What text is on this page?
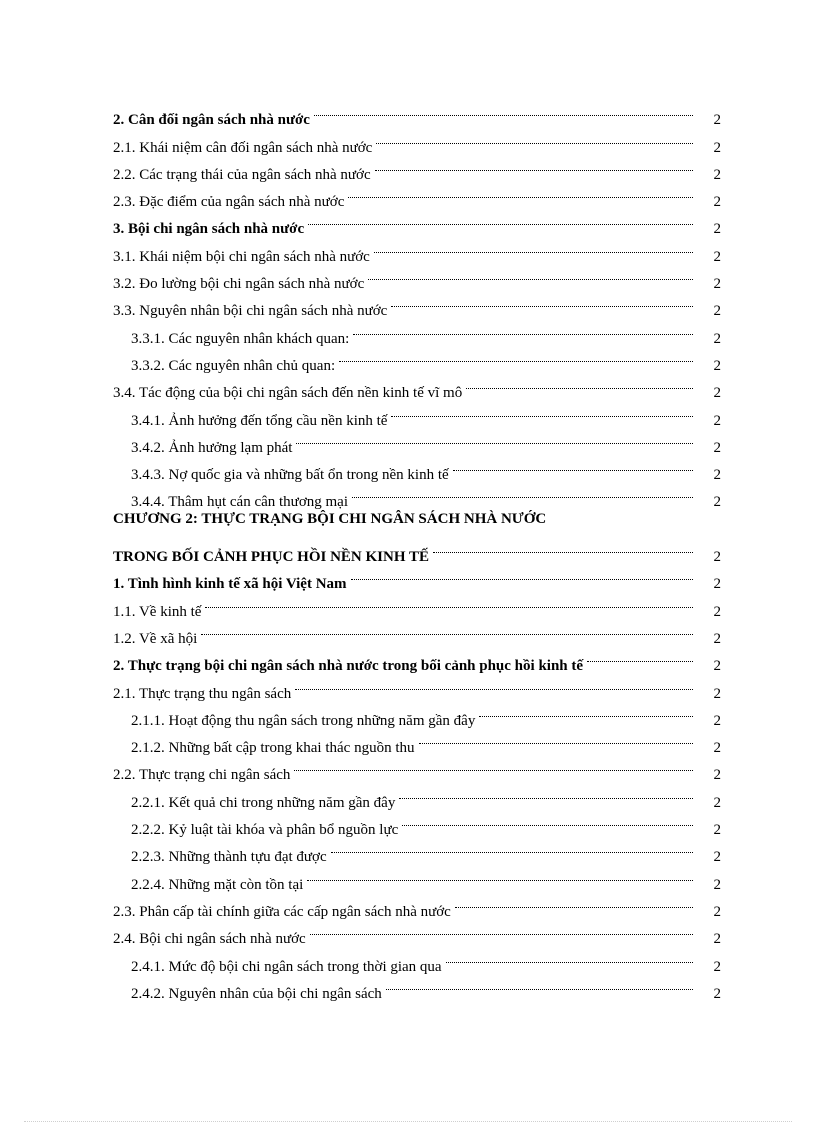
2. Cân đối ngân sách nhà nước	2
2.1. Khái niệm cân đối ngân sách nhà nước	2
2.2. Các trạng thái của ngân sách nhà nước	2
2.3. Đặc điểm của ngân sách nhà nước	2
3. Bội chi ngân sách nhà nước	2
3.1. Khái niệm bội chi ngân sách nhà nước	2
3.2. Đo lường bội chi ngân sách nhà nước	2
3.3. Nguyên nhân bội chi ngân sách nhà nước	2
3.3.1. Các nguyên nhân khách quan:	2
3.3.2. Các nguyên nhân chủ quan:	2
3.4. Tác động của bội chi ngân sách đến nền kinh tế vĩ mô	2
3.4.1. Ảnh hưởng đến tổng cầu nền kinh tế	2
3.4.2. Ảnh hưởng lạm phát	2
3.4.3. Nợ quốc gia và những bất ổn trong nền kinh tế	2
3.4.4. Thâm hụt cán cân thương mại	2
CHƯƠNG 2: THỰC TRẠNG BỘI CHI NGÂN SÁCH NHÀ NƯỚC
TRONG BỐI CẢNH PHỤC HỒI NỀN KINH TẾ	2
1. Tình hình kinh tế xã hội Việt Nam	2
1.1. Về kinh tế	2
1.2. Về xã hội	2
2. Thực trạng bội chi ngân sách nhà nước trong bối cảnh phục hồi kinh tế	2
2.1. Thực trạng thu ngân sách	2
2.1.1. Hoạt động thu ngân sách trong những năm gần đây	2
2.1.2. Những bất cập trong khai thác nguồn thu	2
2.2. Thực trạng chi ngân sách	2
2.2.1. Kết quả chi trong những năm gần đây	2
2.2.2. Kỷ luật tài khóa và phân bổ nguồn lực	2
2.2.3. Những thành tựu đạt được	2
2.2.4. Những mặt còn tồn tại	2
2.3. Phân cấp tài chính giữa các cấp ngân sách nhà nước	2
2.4. Bội chi ngân sách nhà nước	2
2.4.1. Mức độ bội chi ngân sách trong thời gian qua	2
2.4.2. Nguyên nhân của bội chi ngân sách	2
